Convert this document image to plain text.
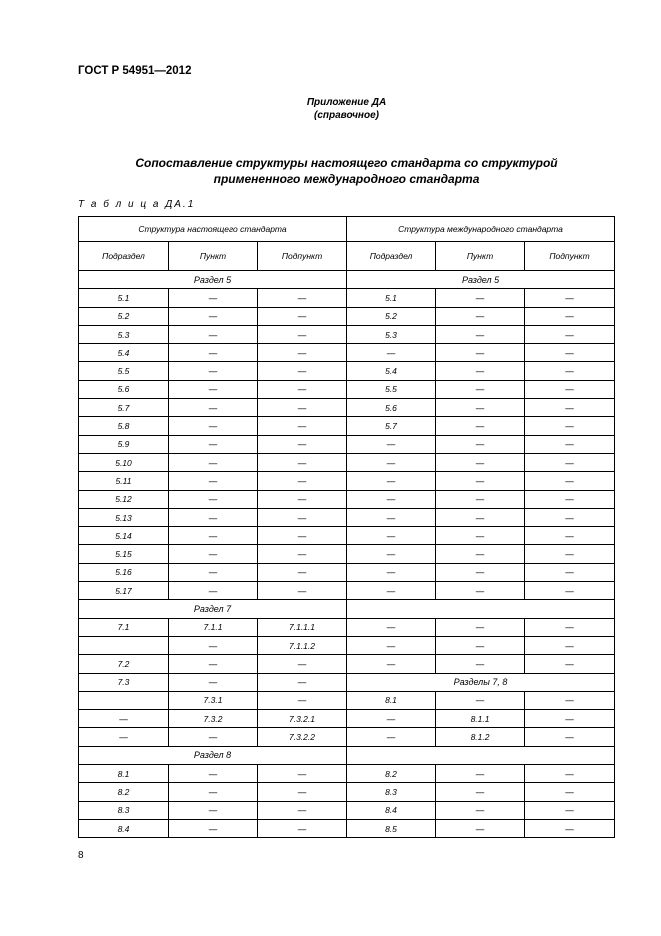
ГОСТ Р 54951—2012
Приложение ДА
(справочное)
Сопоставление структуры настоящего стандарта со структурой
примененного международного стандарта
Т а б л и ц а ДА.1
Структура настоящего стандарта			Структура международного стандарта		
Подраздел	Пункт	Подпункт	Подраздел	Пункт	Подпункт
Раздел 5			Раздел 5		
5.1	—	—	5.1	—	—
5.2	—	—	5.2	—	—
5.3	—	—	5.3	—	—
5.4	—	—	—	—	—
5.5	—	—	5.4	—	—
5.6	—	—	5.5	—	—
5.7	—	—	5.6	—	—
5.8	—	—	5.7	—	—
5.9	—	—	—	—	—
5.10	—	—	—	—	—
5.11	—	—	—	—	—
5.12	—	—	—	—	—
5.13	—	—	—	—	—
5.14	—	—	—	—	—
5.15	—	—	—	—	—
5.16	—	—	—	—	—
5.17	—	—	—	—	—
Раздел 7					
7.1	7.1.1	7.1.1.1	—	—	—
	—	7.1.1.2	—	—	—
7.2	—	—	—	—	—
7.3	—	—	Разделы 7, 8		
	7.3.1	—	8.1	—	—
—	7.3.2	7.3.2.1	—	8.1.1	—
—	—	7.3.2.2	—	8.1.2	—
Раздел 8					
8.1	—	—	8.2	—	—
8.2	—	—	8.3	—	—
8.3	—	—	8.4	—	—
8.4	—	—	8.5	—	—
8
